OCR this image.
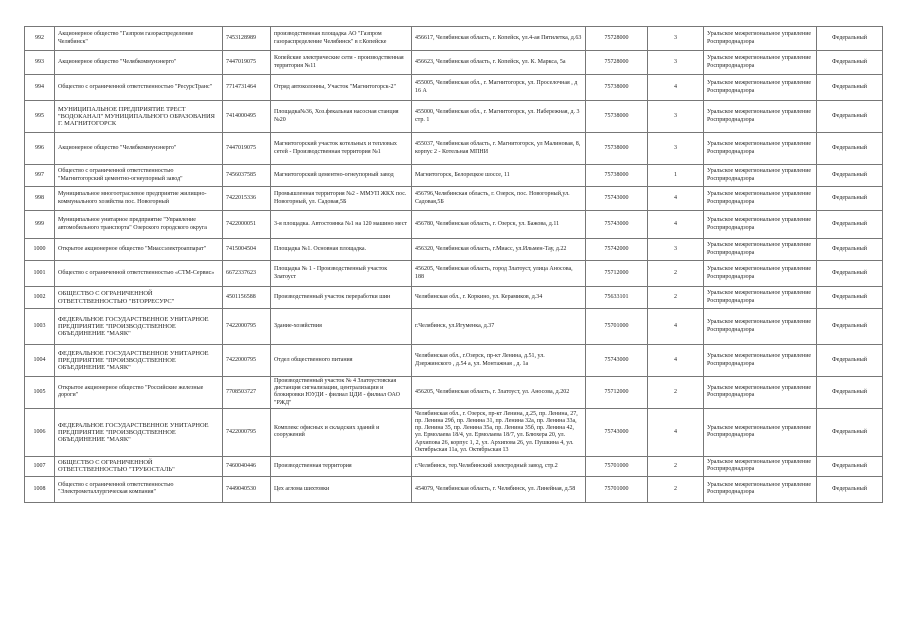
992	Акционерное общество "Газпром газораспределение Челябинск"	7453128989	производственная площадка АО "Газпром газораспределение Челябинск" в г.Копейске	456617, Челябинская область, г. Копейск, ул.4-ая Пятилетка, д.63	75728000	3	Уральское межрегиональное управление Росприроднадзора	Федеральный
993	Акционерное общество "Челябкоммунэнерго"	7447019075	Копейские электрические сети - производственная территория №11	456623, Челябинская область, г. Копейск, ул. К. Маркса, 5а	75728000	3	Уральское межрегиональное управление Росприроднадзора	Федеральный
994	Общество с ограниченной ответственностью "РесурсТранс"	7714731464	Отряд автоколонны, Участок "Магнитогорск-2"	455005, Челябинская обл., г. Магнитогорск, ул. Проселочная , д 16 А	75738000	4	Уральское межрегиональное управление Росприроднадзора	Федеральный
995	МУНИЦИПАЛЬНОЕ ПРЕДПРИЯТИЕ ТРЕСТ "ВОДОКАНАЛ" МУНИЦИПАЛЬНОГО ОБРАЗОВАНИЯ Г. МАГНИТОГОРСК	7414000495	Площадка№36, Хоз.фекальная насосная станция №20	455000, Челябинская обл., г. Магнитогорск, ул. Набережная, д. 3 стр. 1	75738000	3	Уральское межрегиональное управление Росприроднадзора	Федеральный
996	Акционерное общество "Челябкоммунэнерго"	7447019075	Магнитогорский участок котельных и тепловых сетей - Производственная территория №1	455037, Челябинская область, г. Магнитогорск, ул Малиновая, 8, корпус 2 - Котельная МПНИ	75738000	3	Уральское межрегиональное управление Росприроднадзора	Федеральный
997	Общество с ограниченной ответственностью "Магнитогорский цементно-огнеупорный завод"	7456037585	Магнитогорский цементно-огнеупорный завод	Магнитогорск, Белорецкое шоссе, 11	75738000	1	Уральское межрегиональное управление Росприроднадзора	Федеральный
998	Муниципальное многоотраслевое предприятие жилищно-коммунального хозяйства пос. Новогорный	7422015336	Промышленная территория №2 - ММУП ЖКХ пос. Новогорный, ул. Садовая,5Б	456796,Челябинская область, г. Озерск, пос. Новогорный,ул. Садовая,5Б	75743000	4	Уральское межрегиональное управление Росприроднадзора	Федеральный
999	Муниципальное унитарное предприятие "Управление автомобильного транспорта" Озерского городского округа	7422000051	3-я площадка. Автостоянка №1 на 120 машино мест	456780, Челябинская область, г. Озерск, ул. Бажова, д.11	75743000	4	Уральское межрегиональное управление Росприроднадзора	Федеральный
1000	Открытое акционерное общество "Миассэлектроаппарат"	7415004504	Площадка №1. Основная площадка.	456320, Челябинская область, г.Миасс, ул.Ильмен-Тау, д.22	75742000	3	Уральское межрегиональное управление Росприроднадзора	Федеральный
1001	Общество с ограниченной ответственностью «СТМ-Сервис»	6672337623	Площадка № 1 - Производственный участок Златоуст	456205, Челябинская область, город Златоуст, улица Аносова, 188	75712000	2	Уральское межрегиональное управление Росприроднадзора	Федеральный
1002	ОБЩЕСТВО С ОГРАНИЧЕННОЙ ОТВЕТСТВЕННОСТЬЮ "ВТОРРЕСУРС"	4501156588	Производственный участок переработки шин	Челябинская обл., г. Коркино, ул. Керамиков, д.34	75633101	2	Уральское межрегиональное управление Росприроднадзора	Федеральный
1003	ФЕДЕРАЛЬНОЕ ГОСУДАРСТВЕННОЕ УНИТАРНОЕ ПРЕДПРИЯТИЕ "ПРОИЗВОДСТВЕННОЕ ОБЪЕДИНЕНИЕ "МАЯК"	7422000795	Здание-хозяйствия	г.Челябинск, ул.Игуменка, д.37	75701000	4	Уральское межрегиональное управление Росприроднадзора	Федеральный
1004	ФЕДЕРАЛЬНОЕ ГОСУДАРСТВЕННОЕ УНИТАРНОЕ ПРЕДПРИЯТИЕ "ПРОИЗВОДСТВЕННОЕ ОБЪЕДИНЕНИЕ "МАЯК"	7422000795	Отдел общественного питания	Челябинская обл., г.Озерск, пр-кт Ленина, д.51, ул. Дзержинского , д.54 а, ул. Монтажная , д. 1а	75743000	4	Уральское межрегиональное управление Росприроднадзора	Федеральный
1005	Открытое акционерное общество "Российские железные дороги"	7708503727	Производственный участок № 4 Златоустовская дистанция сигнализации, централизации и блокировки ЮУДИ - филиал ЦДИ - филиал ОАО "РЖД"	456205, Челябинская область, г. Златоуст, ул. Аносова, д.202	75712000	2	Уральское межрегиональное управление Росприроднадзора	Федеральный
1006	ФЕДЕРАЛЬНОЕ ГОСУДАРСТВЕННОЕ УНИТАРНОЕ ПРЕДПРИЯТИЕ "ПРОИЗВОДСТВЕННОЕ ОБЪЕДИНЕНИЕ "МАЯК"	7422000795	Комплекс офисных и складских зданий и сооружений	Челябинская обл., г. Озерск, пр-кт Ленина, д.25, пр. Ленина, 27, пр. Ленина 29б, пр. Ленина 31, пр. Ленина 32а, пр. Ленина 33а, пр. Ленина 35, пр. Ленина 35а, пр. Ленина 35б, пр. Ленина 42, ул. Ермолаева 18/4, ул. Ермолаева 18/7, ул. Блюхера 20, ул. Архипова 26, корпус 1, 2, ул. Архипова 26, ул. Пушкина 4, ул. Октябрьская 11а, ул. Октябрьская 13	75743000	4	Уральское межрегиональное управление Росприроднадзора	Федеральный
1007	ОБЩЕСТВО С ОГРАНИЧЕННОЙ ОТВЕТСТВЕННОСТЬЮ "ТРУБОСТАЛЬ"	7460040446	Производственная территория	г.Челябинск, тер.Челябинский электродный завод, стр.2	75701000	2	Уральское межрегиональное управление Росприроднадзора	Федеральный
1008	Общество с ограниченной ответственностью "Электрометаллургическая компания"	7449040530	Цех аглома шихтовки	454079, Челябинская область, г. Челябинск, ул. Линейная, д.58	75701000	2	Уральское межрегиональное управление Росприроднадзора	Федеральный
